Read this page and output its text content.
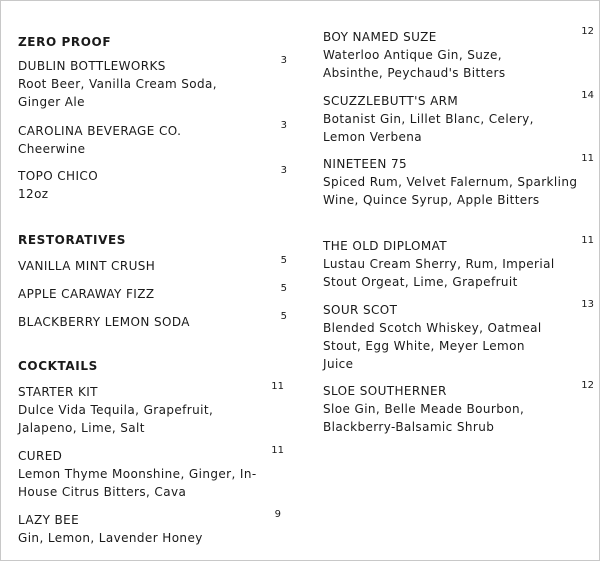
ZERO PROOF
DUBLIN BOTTLEWORKS	3
Root Beer, Vanilla Cream Soda, Ginger Ale
CAROLINA BEVERAGE CO.	3
Cheerwine
TOPO CHICO	3
12oz
RESTORATIVES
VANILLA MINT CRUSH	5
APPLE CARAWAY FIZZ	5
BLACKBERRY LEMON SODA	5
COCKTAILS
STARTER KIT	11
Dulce Vida Tequila, Grapefruit, Jalapeno, Lime, Salt
CURED	11
Lemon Thyme Moonshine, Ginger, In-House Citrus Bitters, Cava
LAZY BEE	9
Gin, Lemon, Lavender Honey
BOY NAMED SUZE	12
Waterloo Antique Gin, Suze, Absinthe, Peychaud's Bitters
SCUZZLEBUTT'S ARM	14
Botanist Gin, Lillet Blanc, Celery, Lemon Verbena
NINETEEN 75	11
Spiced Rum, Velvet Falernum, Sparkling Wine, Quince Syrup, Apple Bitters
THE OLD DIPLOMAT	11
Lustau Cream Sherry, Rum, Imperial Stout Orgeat, Lime, Grapefruit
SOUR SCOT	13
Blended Scotch Whiskey, Oatmeal Stout, Egg White, Meyer Lemon Juice
SLOE SOUTHERNER	12
Sloe Gin, Belle Meade Bourbon, Blackberry-Balsamic Shrub
